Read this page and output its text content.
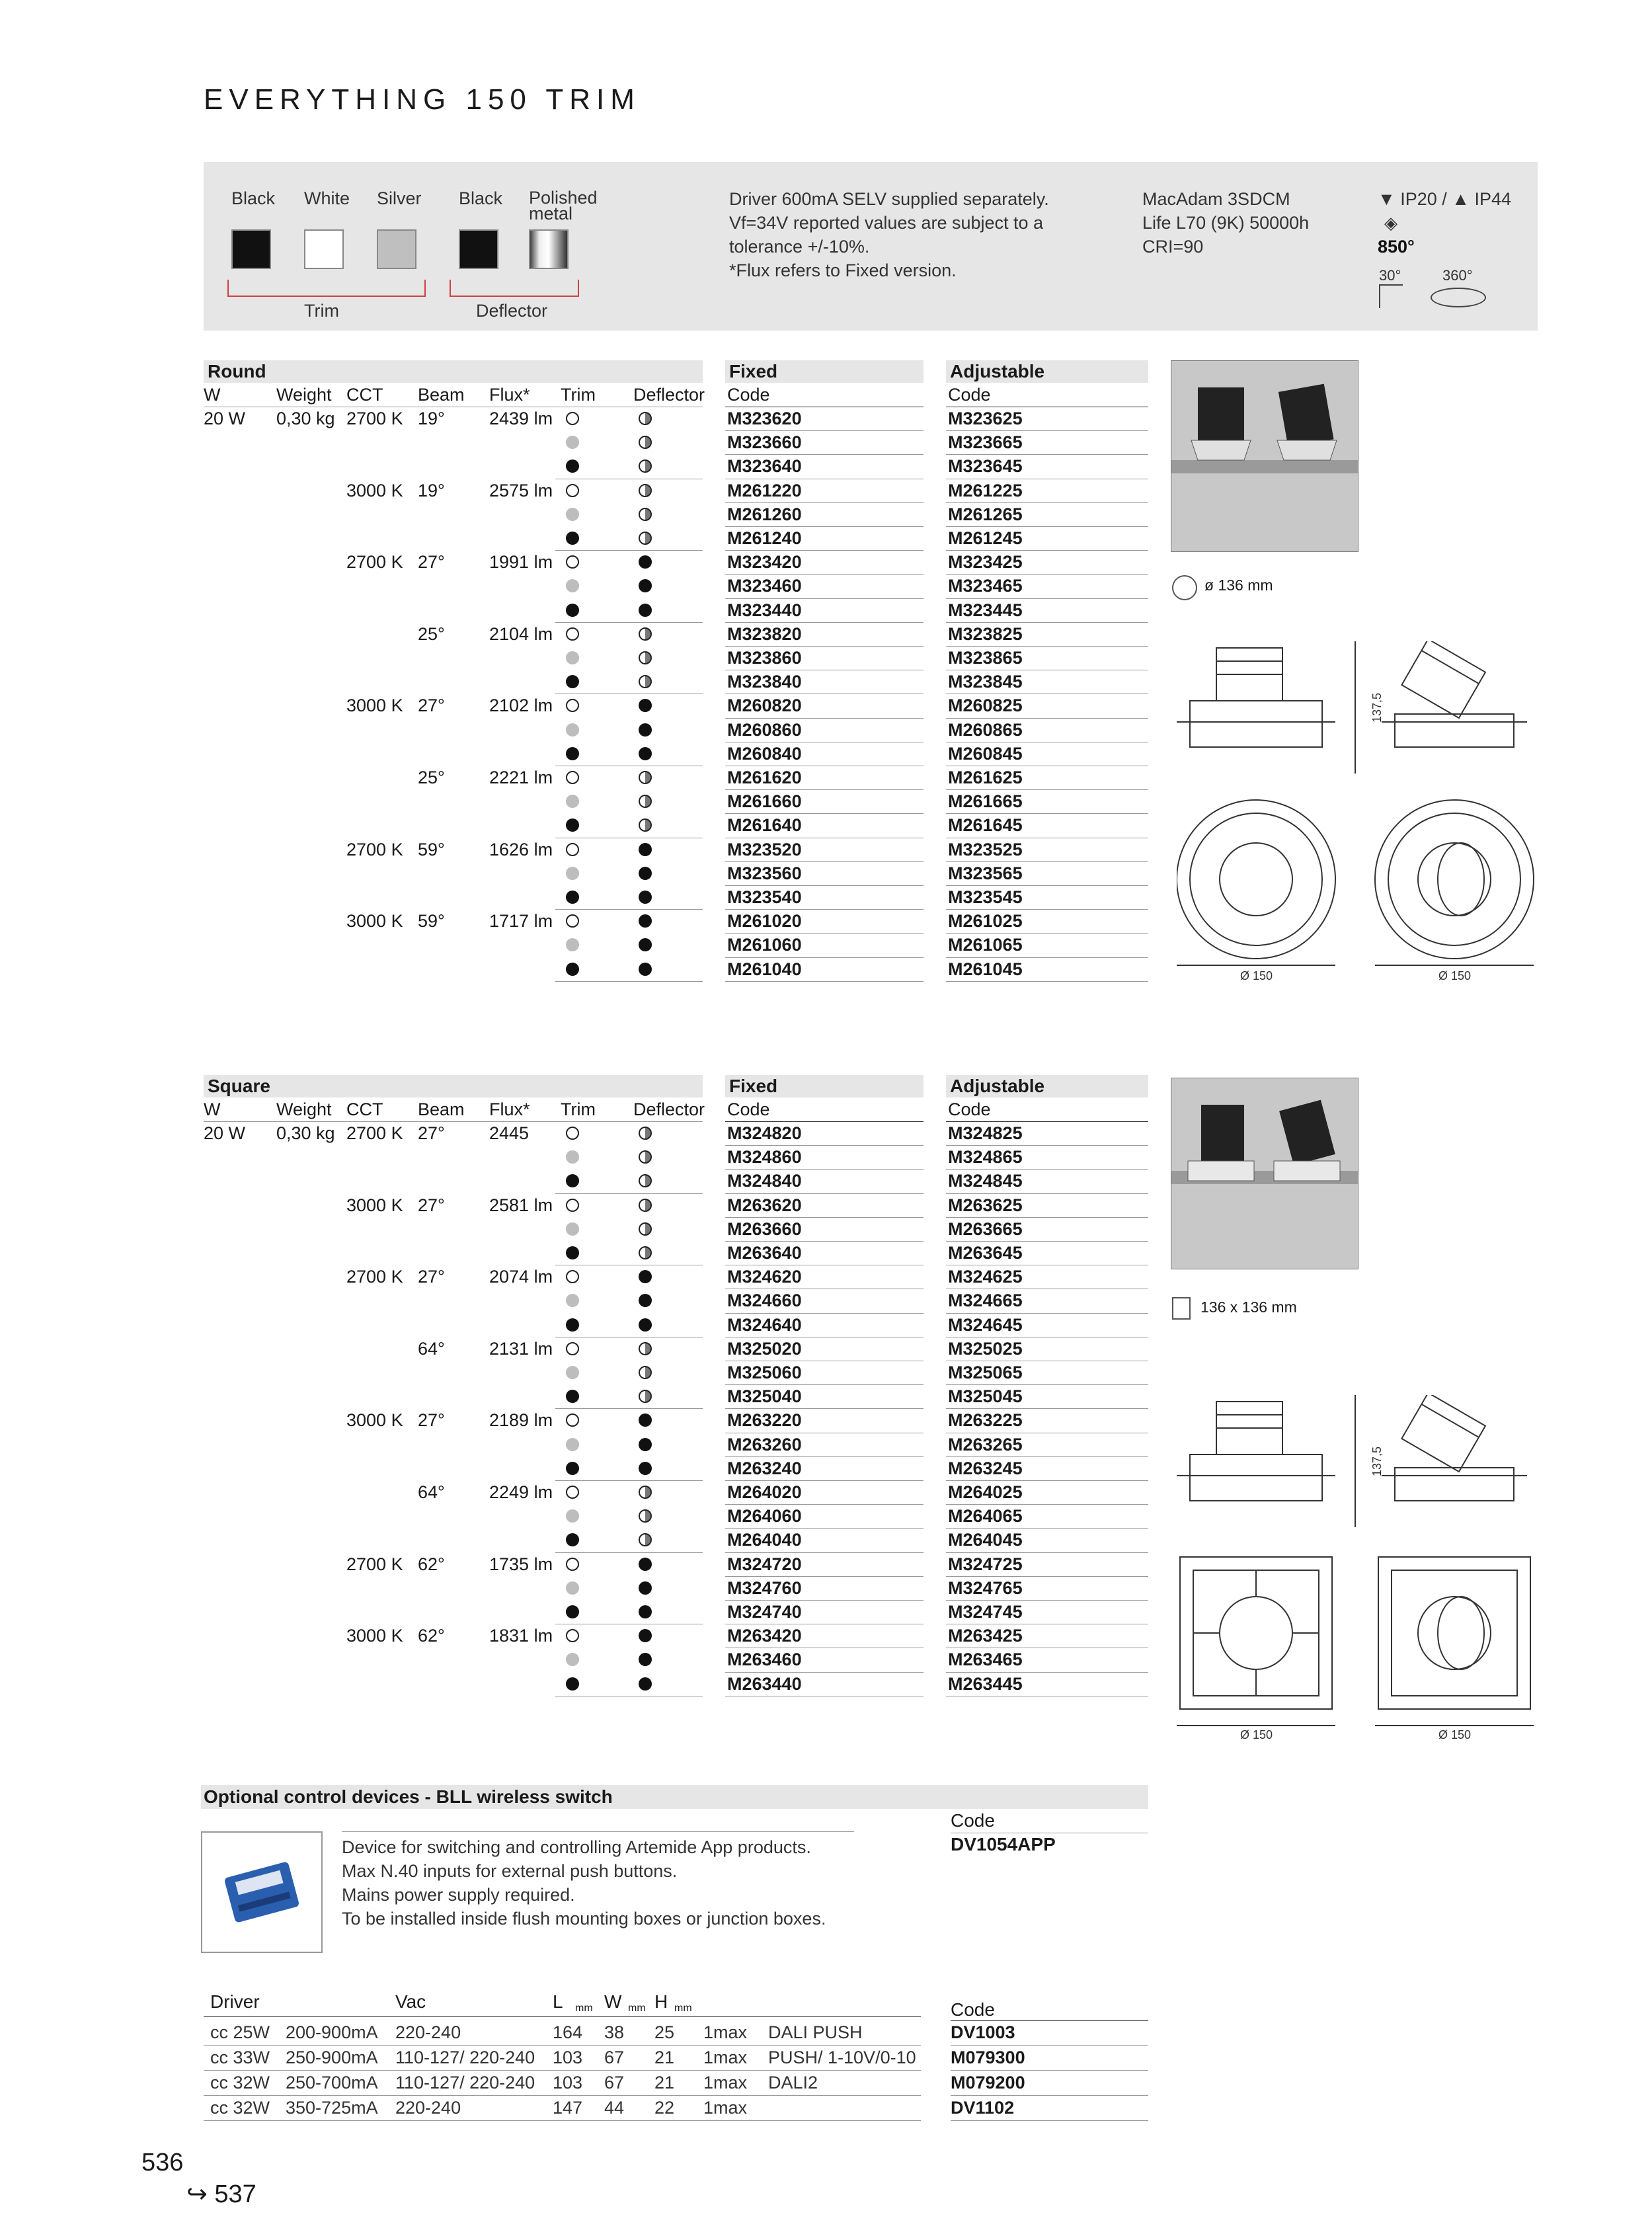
EVERYTHING 150 TRIM
Black White Silver Black Polished metal
Trim	Deflector
Driver 600mA SELV supplied separately.
Vf=34V reported values are subject to a
tolerance +/-10%.
*Flux refers to Fixed version.
MacAdam 3SDCM
Life L70 (9K) 50000h
CRI=90
▼ IP20 / ▲ IP44
◈
850°
30°	360°
Round	Fixed	Adjustable
W	Weight CCT Beam Flux* Trim Deflector Code	Code
20 W 0,30 kg 2700 K 19° 2439 lm	M323620	M323625
M323660	M323665
M323640	M323645
3000 K 19° 2575 lm	M261220	M261225
M261260	M261265
M261240	M261245
2700 K 27° 1991 lm	M323420	M323425
M323460	M323465
M323440	M323445
25° 2104 lm	M323820	M323825
M323860	M323865
M323840	M323845
3000 K 27° 2102 lm	M260820	M260825
M260860	M260865
M260840	M260845
25° 2221 lm	M261620	M261625
M261660	M261665
M261640	M261645
2700 K 59° 1626 lm	M323520	M323525
M323560	M323565
M323540	M323545
3000 K 59° 1717 lm	M261020	M261025
M261060	M261065
M261040	M261045
ø 136 mm
137,5
Ø 150	Ø 150
Square	Fixed	Adjustable
W	Weight CCT Beam Flux* Trim Deflector Code	Code
20 W 0,30 kg 2700 K 27° 2445	M324820	M324825
M324860	M324865
M324840	M324845
3000 K 27° 2581 lm	M263620	M263625
M263660	M263665
M263640	M263645
2700 K 27° 2074 lm	M324620	M324625
M324660	M324665
M324640	M324645
64° 2131 lm	M325020	M325025
M325060	M325065
M325040	M325045
3000 K 27° 2189 lm	M263220	M263225
M263260	M263265
M263240	M263245
64° 2249 lm	M264020	M264025
M264060	M264065
M264040	M264045
2700 K 62° 1735 lm	M324720	M324725
M324760	M324765
M324740	M324745
3000 K 62° 1831 lm	M263420	M263425
M263460	M263465
M263440	M263445
136 x 136 mm
137,5
Ø 150	Ø 150
Optional control devices - BLL wireless switch
Code
DV1054APP
Device for switching and controlling Artemide App products.
Max N.40 inputs for external push buttons.
Mains power supply required.
To be installed inside flush mounting boxes or junction boxes.
Driver	Vac	L mm W mm H mm	Code
cc 25W 200-900mA 220-240	164 38 25 1max DALI PUSH	DV1003
cc 33W 250-900mA 110-127/ 220-240 103 67 21 1max PUSH/ 1-10V/0-10 M079300
cc 32W 250-700mA 110-127/ 220-240 103 67 21 1max DALI2	M079200
cc 32W 350-725mA 220-240	147 44 22 1max	DV1102
536
↪ 537
